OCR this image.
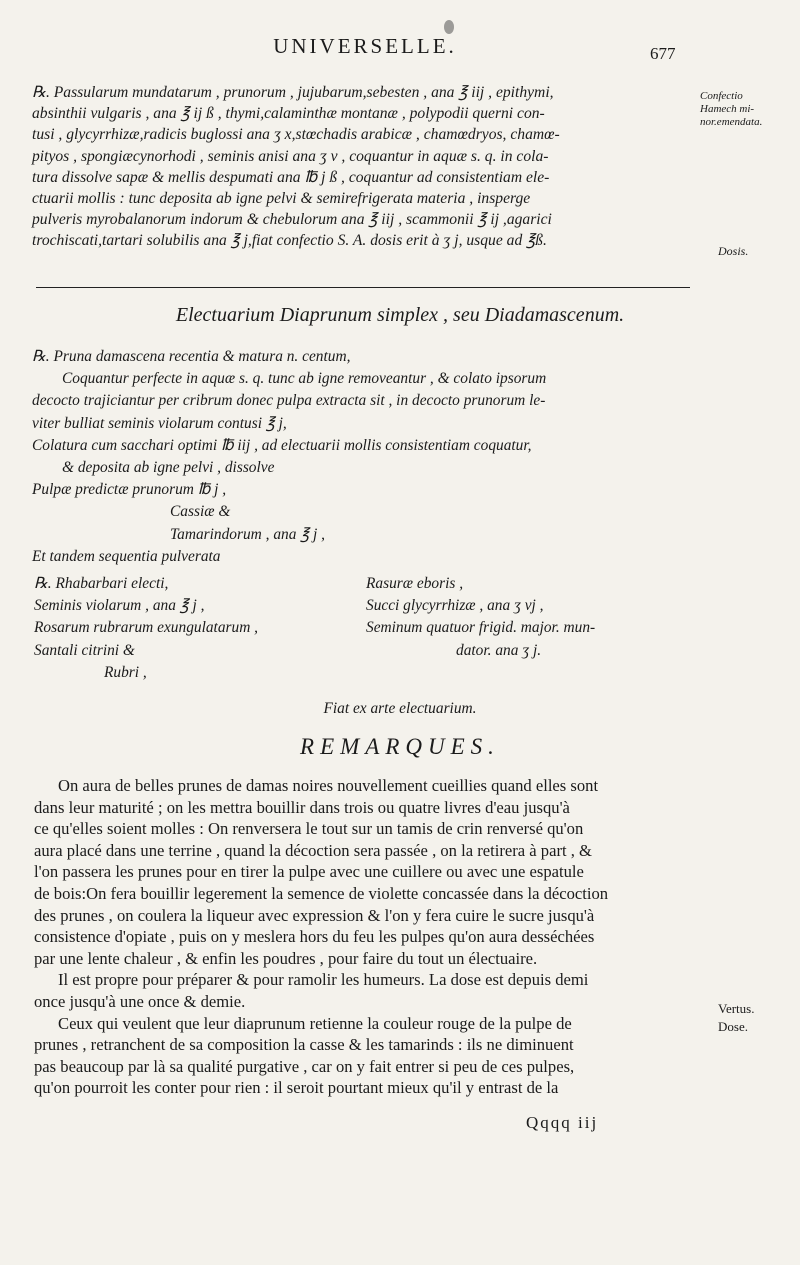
UNIVERSELLE.	677
Confectio
Hamech mi-
nor.emendata.
Dosis.
Vertus.
Dose.
℞. Passularum mundatarum , prunorum , jujubarum,sebesten , ana ℥ iij , epithymi,
absinthii vulgaris , ana ℥ ij ß , thymi,calaminthæ montanæ , polypodii querni con-
tusi , glycyrrhizæ,radicis buglossi ana ʒ x,stœchadis arabicæ , chamœdryos, chamœ-
pityos , spongiæcynorhodi , seminis anisi ana ʒ v , coquantur in aquæ s. q. in cola-
tura dissolve sapæ & mellis despumati ana ℔ j ß , coquantur ad consistentiam ele-
ctuarii mollis : tunc deposita ab igne pelvi & semirefrigerata materia , insperge
pulveris myrobalanorum indorum & chebulorum ana ℥ iij , scammonii ℥ ij ,agarici
trochiscati,tartari solubilis ana ℥ j,fiat confectio S. A. dosis erit à ʒ j, usque ad ℥ß.
Electuarium Diaprunum simplex , seu Diadamascenum.
℞. Pruna damascena recentia & matura n. centum,
Coquantur perfecte in aquæ s. q. tunc ab igne removeantur , & colato ipsorum
decocto trajiciantur per cribrum donec pulpa extracta sit , in decocto prunorum le-
viter bulliat seminis violarum contusi ℥ j,
Colatura cum sacchari optimi ℔ iij , ad electuarii mollis consistentiam coquatur,
& deposita ab igne pelvi , dissolve
Pulpæ predictæ prunorum ℔ j ,
Cassiæ &
Tamarindorum , ana ℥ j ,
Et tandem sequentia pulverata
℞. Rhabarbari electi,
Seminis violarum , ana ℥ j ,
Rosarum rubrarum exungulatarum ,
Santali citrini &
Rubri ,
Rasuræ eboris ,
Succi glycyrrhizæ , ana ʒ vj ,
Seminum quatuor frigid. major. mun-
dator. ana ʒ j.
Fiat ex arte electuarium.
REMARQUES.
On aura de belles prunes de damas noires nouvellement cueillies quand elles sont
dans leur maturité ; on les mettra bouillir dans trois ou quatre livres d'eau jusqu'à
ce qu'elles soient molles : On renversera le tout sur un tamis de crin renversé qu'on
aura placé dans une terrine , quand la décoction sera passée , on la retirera à part , &
l'on passera les prunes pour en tirer la pulpe avec une cuillere ou avec une espatule
de bois:On fera bouillir legerement la semence de violette concassée dans la décoction
des prunes , on coulera la liqueur avec expression & l'on y fera cuire le sucre jusqu'à
consistence d'opiate , puis on y meslera hors du feu les pulpes qu'on aura desséchées
par une lente chaleur , & enfin les poudres , pour faire du tout un électuaire.
Il est propre pour préparer & pour ramolir les humeurs. La dose est depuis demi
once jusqu'à une once & demie.
Ceux qui veulent que leur diaprunum retienne la couleur rouge de la pulpe de
prunes , retranchent de sa composition la casse & les tamarinds : ils ne diminuent
pas beaucoup par là sa qualité purgative , car on y fait entrer si peu de ces pulpes,
qu'on pourroit les conter pour rien : il seroit pourtant mieux qu'il y entrast de la
Qqqq iij
